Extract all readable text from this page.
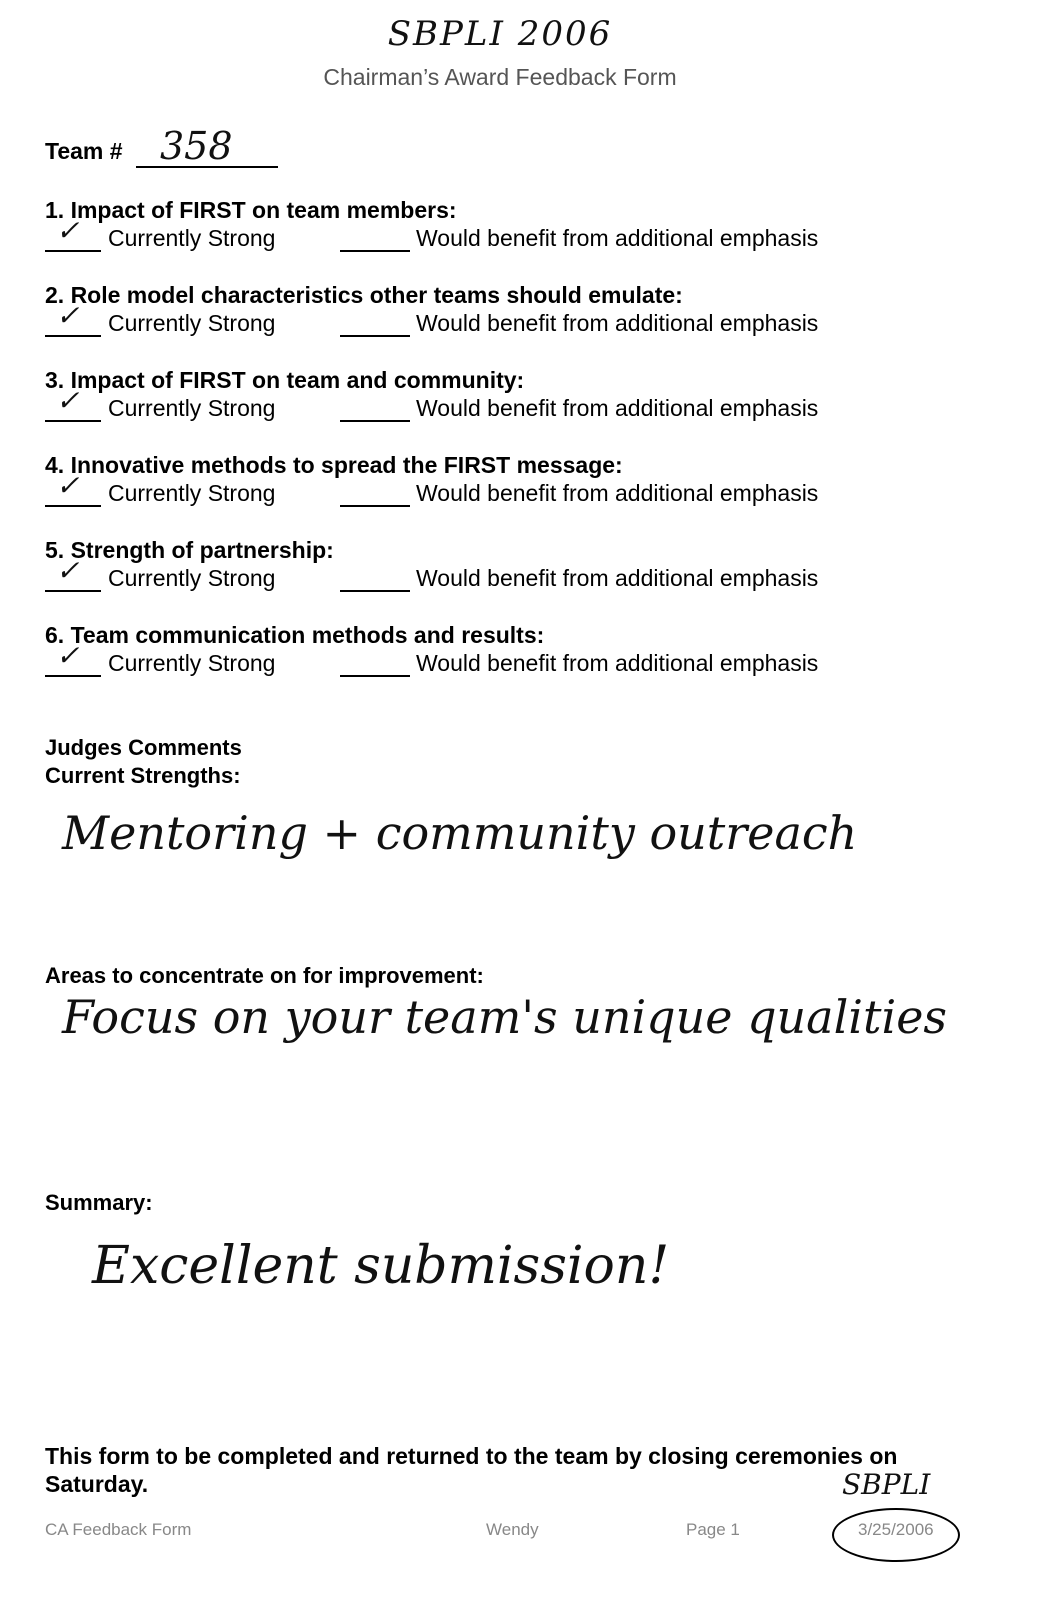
SBPLI 2006
Chairman’s Award Feedback Form
Team # 358
1. Impact of FIRST on team members:
✓ Currently Strong	Would benefit from additional emphasis
2. Role model characteristics other teams should emulate:
✓ Currently Strong	Would benefit from additional emphasis
3. Impact of FIRST on team and community:
✓ Currently Strong	Would benefit from additional emphasis
4. Innovative methods to spread the FIRST message:
✓ Currently Strong	Would benefit from additional emphasis
5. Strength of partnership:
✓ Currently Strong	Would benefit from additional emphasis
6. Team communication methods and results:
✓ Currently Strong	Would benefit from additional emphasis
Judges Comments
Current Strengths:
Mentoring + community outreach
Areas to concentrate on for improvement:
Focus on your team's unique qualities
Summary:
Excellent submission!
This form to be completed and returned to the team by closing ceremonies on Saturday.	SBPLI
CA Feedback Form	Wendy	Page 1	3/25/2006
